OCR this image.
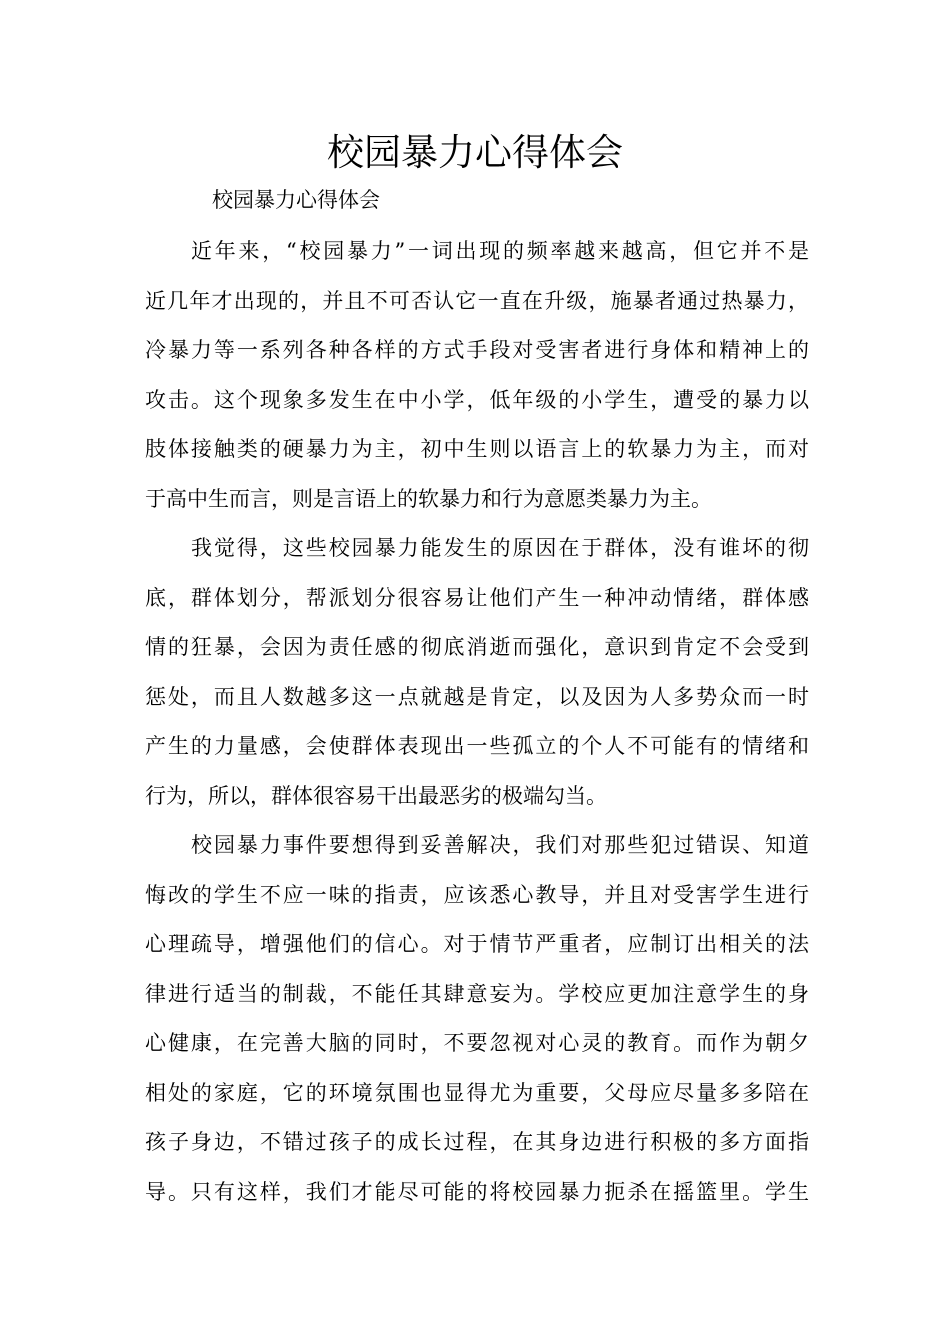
校园暴力心得体会
校园暴力心得体会
近年来，“校园暴力”一词出现的频率越来越高，但它并不是
近几年才出现的，并且不可否认它一直在升级，施暴者通过热暴力，
冷暴力等一系列各种各样的方式手段对受害者进行身体和精神上的
攻击。这个现象多发生在中小学，低年级的小学生，遭受的暴力以
肢体接触类的硬暴力为主，初中生则以语言上的软暴力为主，而对
于高中生而言，则是言语上的软暴力和行为意愿类暴力为主。
我觉得，这些校园暴力能发生的原因在于群体，没有谁坏的彻
底，群体划分，帮派划分很容易让他们产生一种冲动情绪，群体感
情的狂暴，会因为责任感的彻底消逝而强化，意识到肯定不会受到
惩处，而且人数越多这一点就越是肯定，以及因为人多势众而一时
产生的力量感，会使群体表现出一些孤立的个人不可能有的情绪和
行为，所以，群体很容易干出最恶劣的极端勾当。
校园暴力事件要想得到妥善解决，我们对那些犯过错误、知道
悔改的学生不应一味的指责，应该悉心教导，并且对受害学生进行
心理疏导，增强他们的信心。对于情节严重者，应制订出相关的法
律进行适当的制裁，不能任其肆意妄为。学校应更加注意学生的身
心健康，在完善大脑的同时，不要忽视对心灵的教育。而作为朝夕
相处的家庭，它的环境氛围也显得尤为重要，父母应尽量多多陪在
孩子身边，不错过孩子的成长过程，在其身边进行积极的多方面指
导。只有这样，我们才能尽可能的将校园暴力扼杀在摇篮里。学生
